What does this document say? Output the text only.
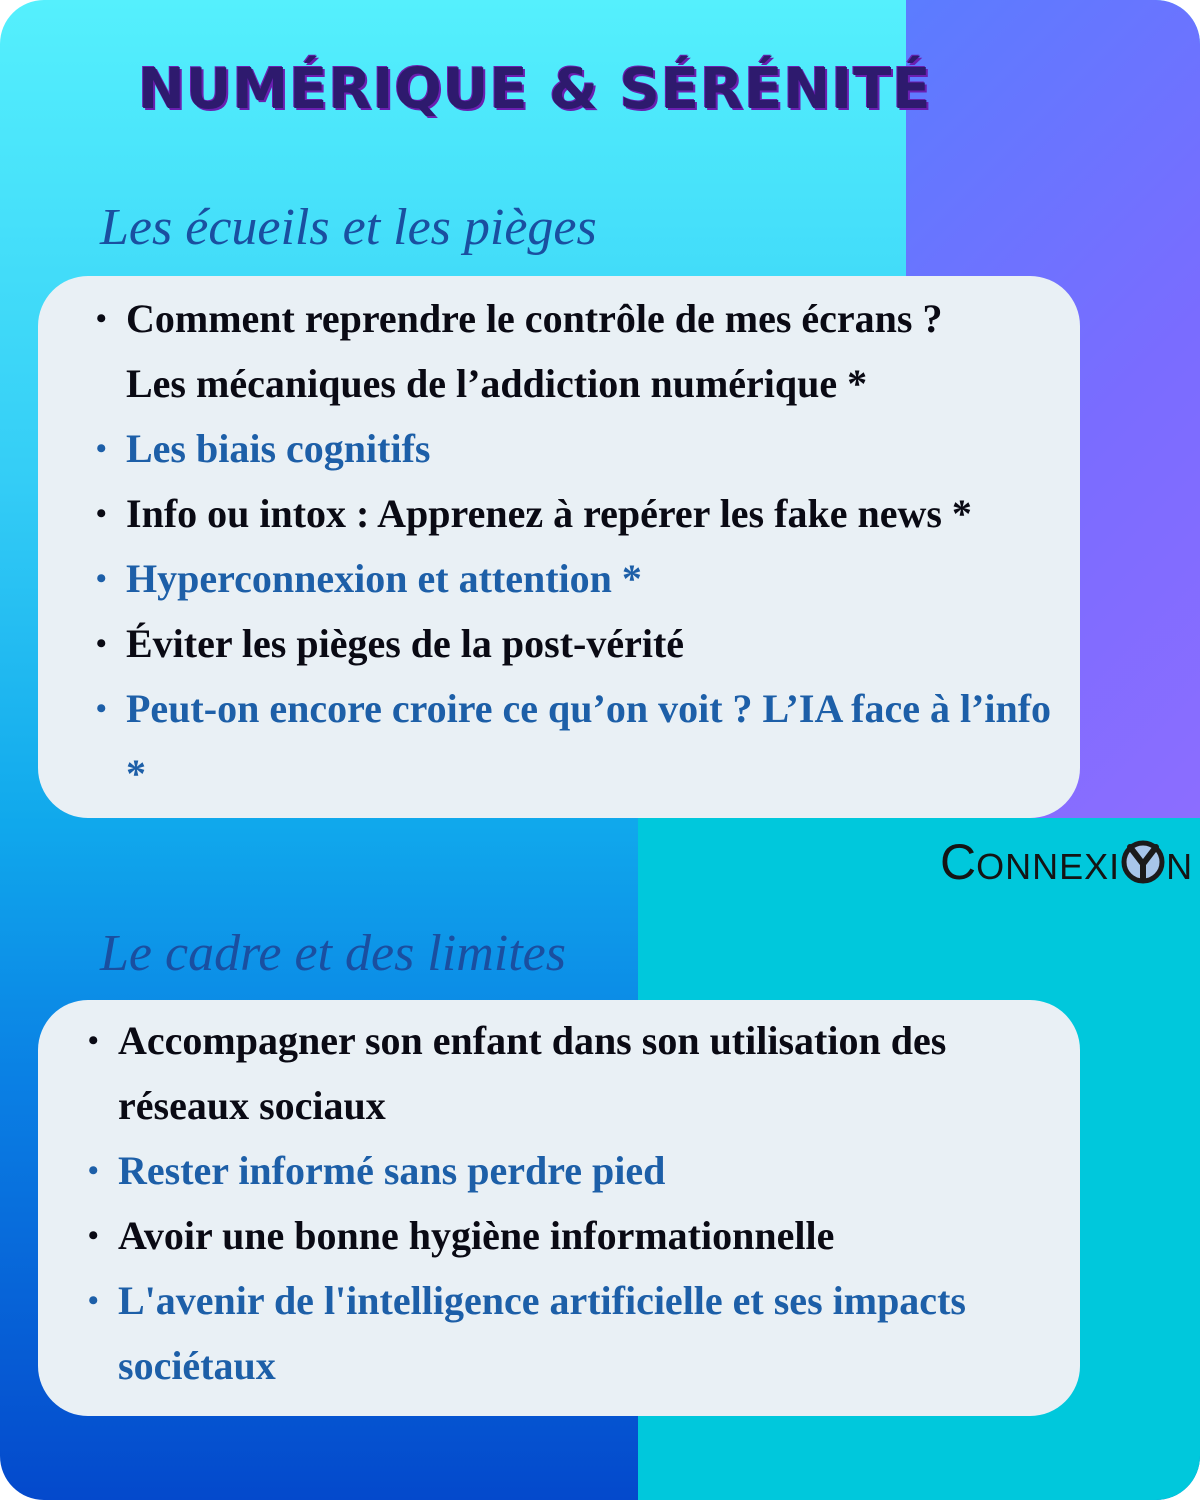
NUMÉRIQUE & SÉRÉNITÉ
Les écueils et les pièges
• Comment reprendre le contrôle de mes écrans ?
Les mécaniques de l’addiction numérique *
• Les biais cognitifs
• Info ou intox : Apprenez à repérer les fake news *
• Hyperconnexion et attention *
• Éviter les pièges de la post-vérité
• Peut-on encore croire ce qu’on voit ? L’IA face à l’info *
CONNEXI N
Le cadre et des limites
• Accompagner son enfant dans son utilisation des réseaux sociaux
• Rester informé sans perdre pied
• Avoir une bonne hygiène informationnelle
• L'avenir de l'intelligence artificielle et ses impacts sociétaux
